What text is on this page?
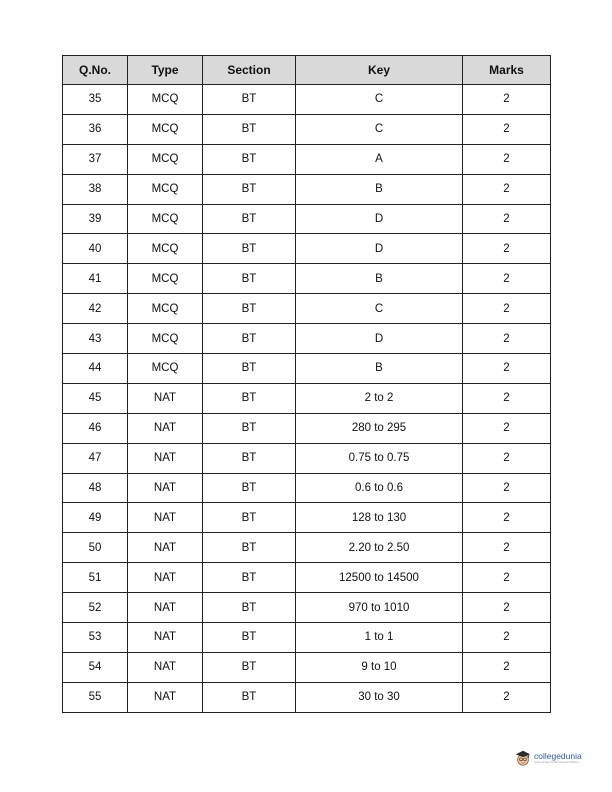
Q.No.	Type	Section	Key	Marks
35	MCQ	BT	C	2
36	MCQ	BT	C	2
37	MCQ	BT	A	2
38	MCQ	BT	B	2
39	MCQ	BT	D	2
40	MCQ	BT	D	2
41	MCQ	BT	B	2
42	MCQ	BT	C	2
43	MCQ	BT	D	2
44	MCQ	BT	B	2
45	NAT	BT	2 to 2	2
46	NAT	BT	280 to 295	2
47	NAT	BT	0.75 to 0.75	2
48	NAT	BT	0.6 to 0.6	2
49	NAT	BT	128 to 130	2
50	NAT	BT	2.20 to 2.50	2
51	NAT	BT	12500 to 14500	2
52	NAT	BT	970 to 1010	2
53	NAT	BT	1 to 1	2
54	NAT	BT	9 to 10	2
55	NAT	BT	30 to 30	2
collegedunia
India's largest Student Review Platform
